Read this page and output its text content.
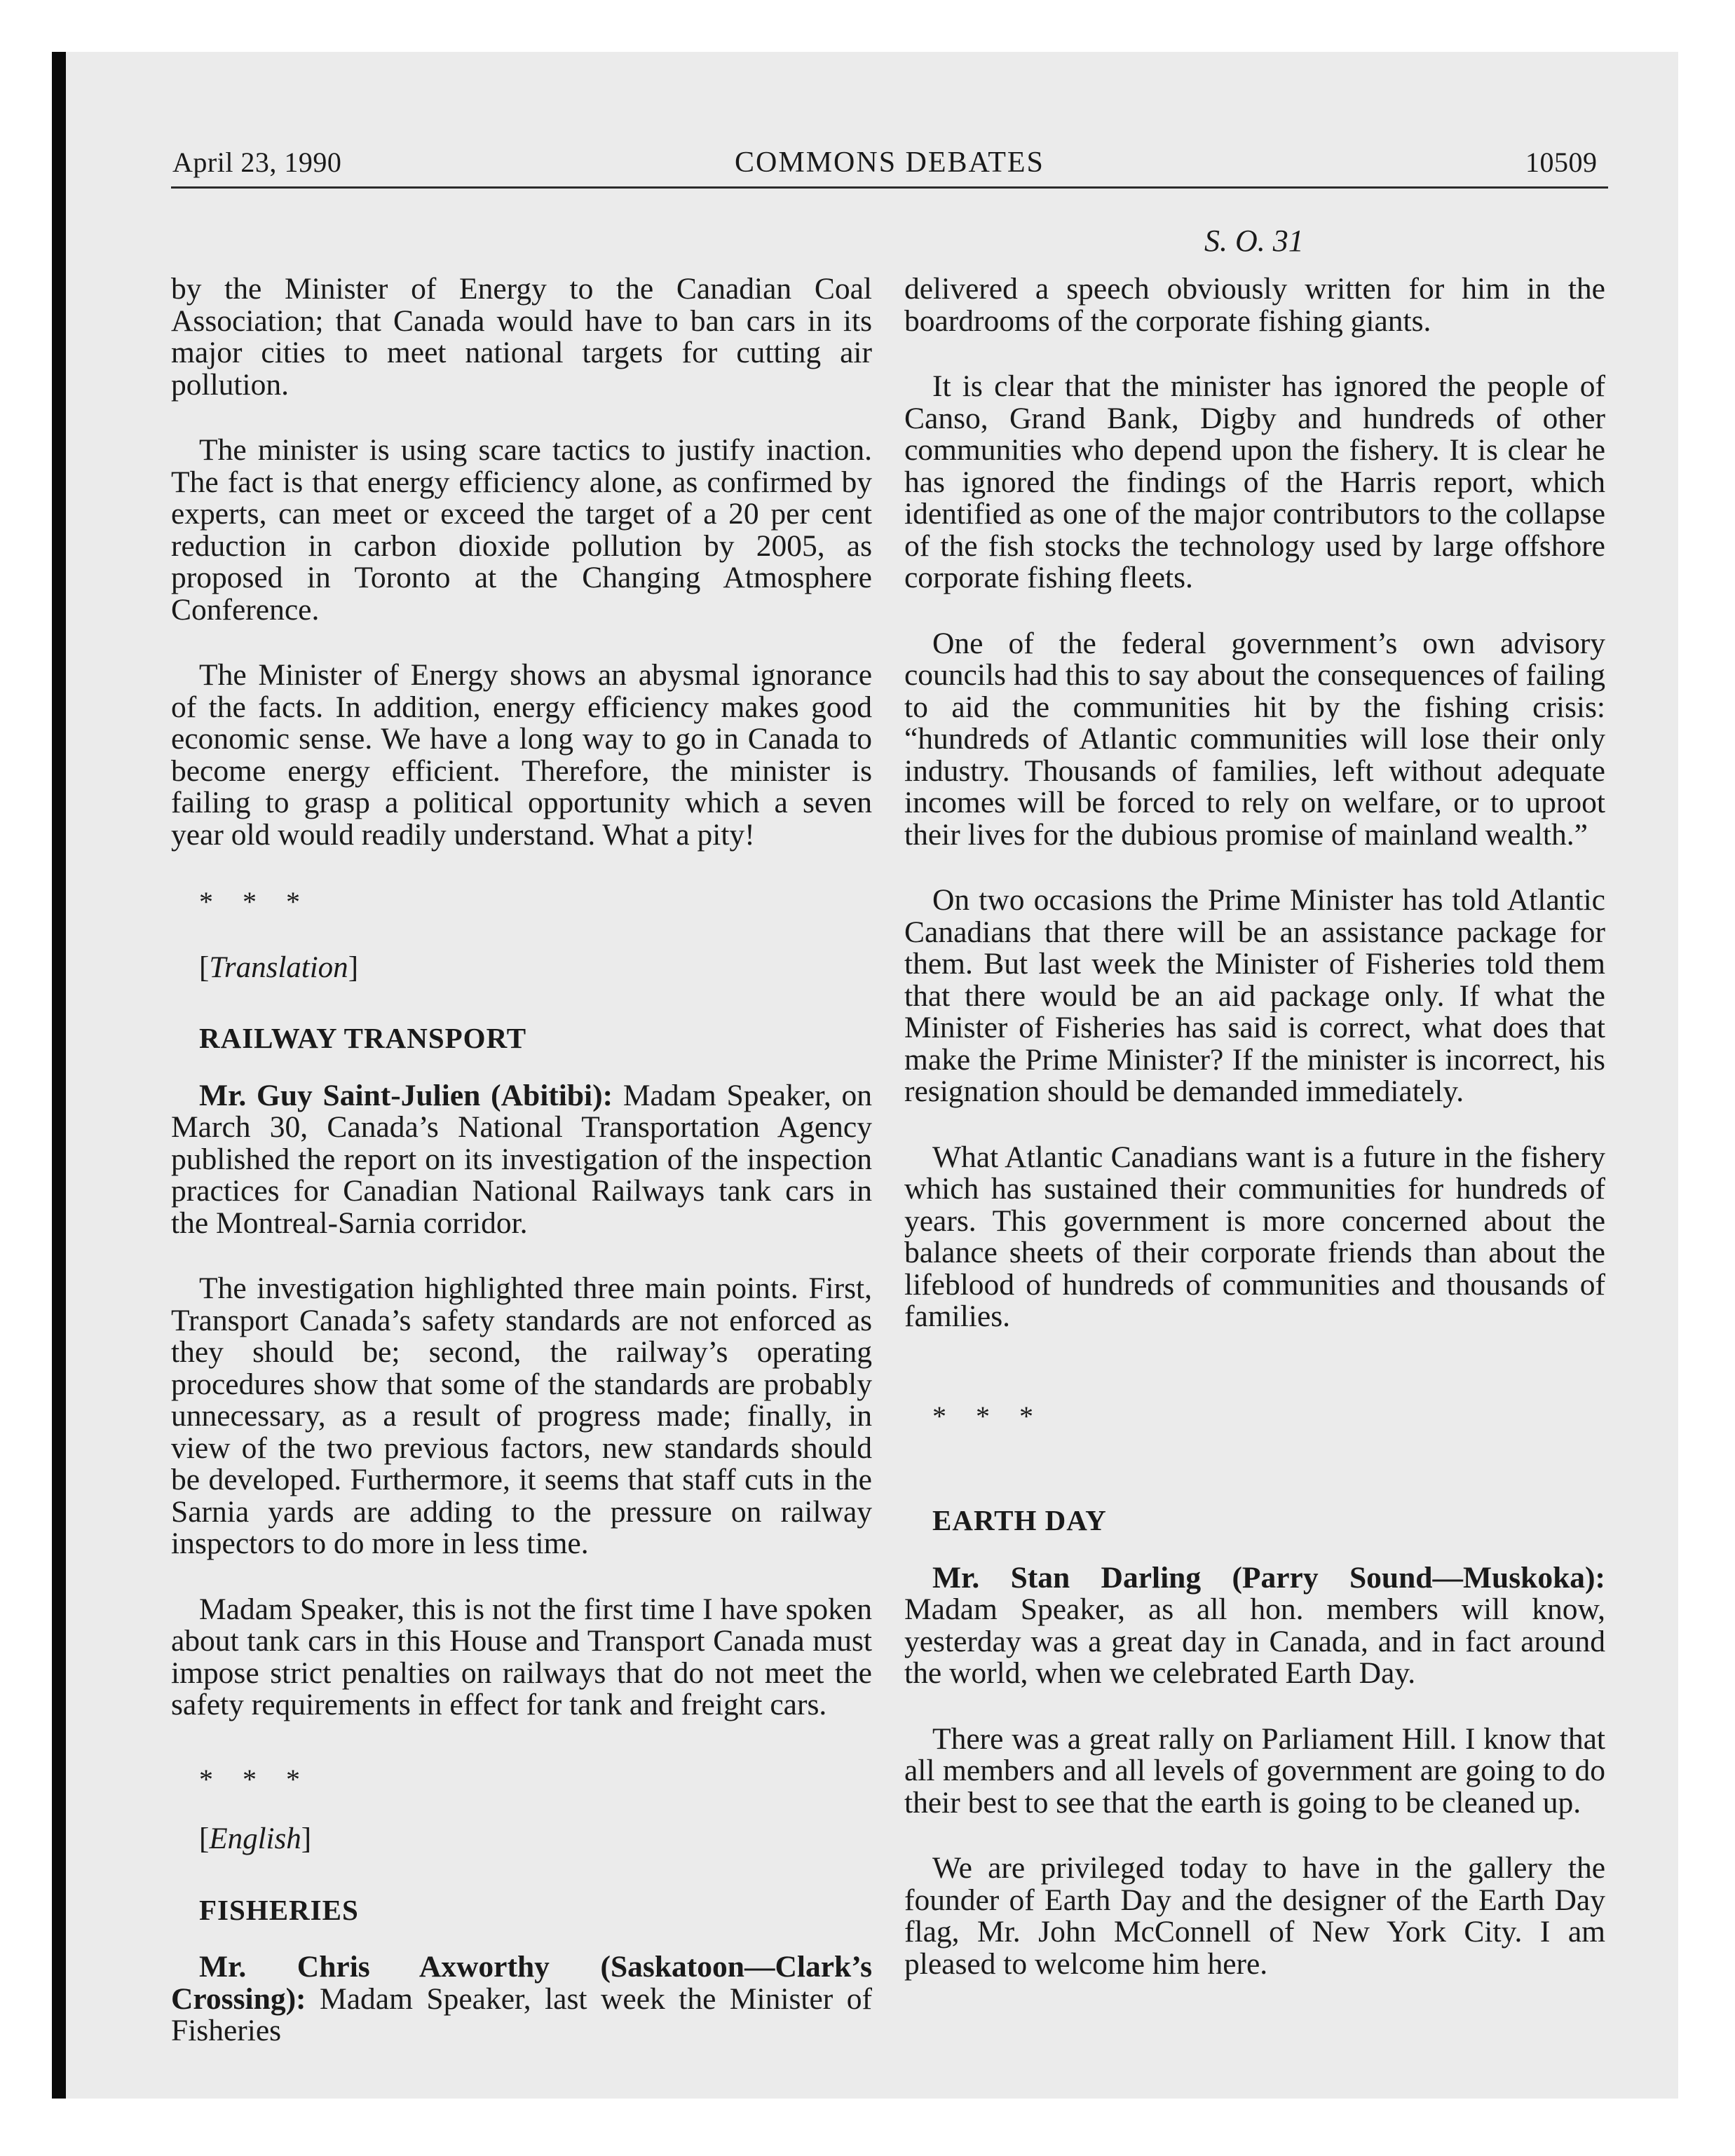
April 23, 1990	COMMONS DEBATES	10509
S. O. 31

by the Minister of Energy to the Canadian Coal Association; that Canada would have to ban cars in its major cities to meet national targets for cutting air pollution.

The minister is using scare tactics to justify inaction. The fact is that energy efficiency alone, as confirmed by experts, can meet or exceed the target of a 20 per cent reduction in carbon dioxide pollution by 2005, as proposed in Toronto at the Changing Atmosphere Conference.

The Minister of Energy shows an abysmal ignorance of the facts. In addition, energy efficiency makes good economic sense. We have a long way to go in Canada to become energy efficient. Therefore, the minister is failing to grasp a political opportunity which a seven year old would readily understand. What a pity!

* * *

[Translation]

RAILWAY TRANSPORT

Mr. Guy Saint-Julien (Abitibi): Madam Speaker, on March 30, Canada’s National Transportation Agency published the report on its investigation of the inspection practices for Canadian National Railways tank cars in the Montreal-Sarnia corridor.

The investigation highlighted three main points. First, Transport Canada’s safety standards are not enforced as they should be; second, the railway’s operating procedures show that some of the standards are probably unnecessary, as a result of progress made; finally, in view of the two previous factors, new standards should be developed. Furthermore, it seems that staff cuts in the Sarnia yards are adding to the pressure on railway inspectors to do more in less time.

Madam Speaker, this is not the first time I have spoken about tank cars in this House and Transport Canada must impose strict penalties on railways that do not meet the safety requirements in effect for tank and freight cars.

* * *

[English]

FISHERIES

Mr. Chris Axworthy (Saskatoon—Clark’s Crossing): Madam Speaker, last week the Minister of Fisheries

delivered a speech obviously written for him in the boardrooms of the corporate fishing giants.

It is clear that the minister has ignored the people of Canso, Grand Bank, Digby and hundreds of other communities who depend upon the fishery. It is clear he has ignored the findings of the Harris report, which identified as one of the major contributors to the collapse of the fish stocks the technology used by large offshore corporate fishing fleets.

One of the federal government’s own advisory councils had this to say about the consequences of failing to aid the communities hit by the fishing crisis: “hundreds of Atlantic communities will lose their only industry. Thousands of families, left without adequate incomes will be forced to rely on welfare, or to uproot their lives for the dubious promise of mainland wealth.”

On two occasions the Prime Minister has told Atlantic Canadians that there will be an assistance package for them. But last week the Minister of Fisheries told them that there would be an aid package only. If what the Minister of Fisheries has said is correct, what does that make the Prime Minister? If the minister is incorrect, his resignation should be demanded immediately.

What Atlantic Canadians want is a future in the fishery which has sustained their communities for hundreds of years. This government is more concerned about the balance sheets of their corporate friends than about the lifeblood of hundreds of communities and thousands of families.

* * *

EARTH DAY

Mr. Stan Darling (Parry Sound—Muskoka): Madam Speaker, as all hon. members will know, yesterday was a great day in Canada, and in fact around the world, when we celebrated Earth Day.

There was a great rally on Parliament Hill. I know that all members and all levels of government are going to do their best to see that the earth is going to be cleaned up.

We are privileged today to have in the gallery the founder of Earth Day and the designer of the Earth Day flag, Mr. John McConnell of New York City. I am pleased to welcome him here.
